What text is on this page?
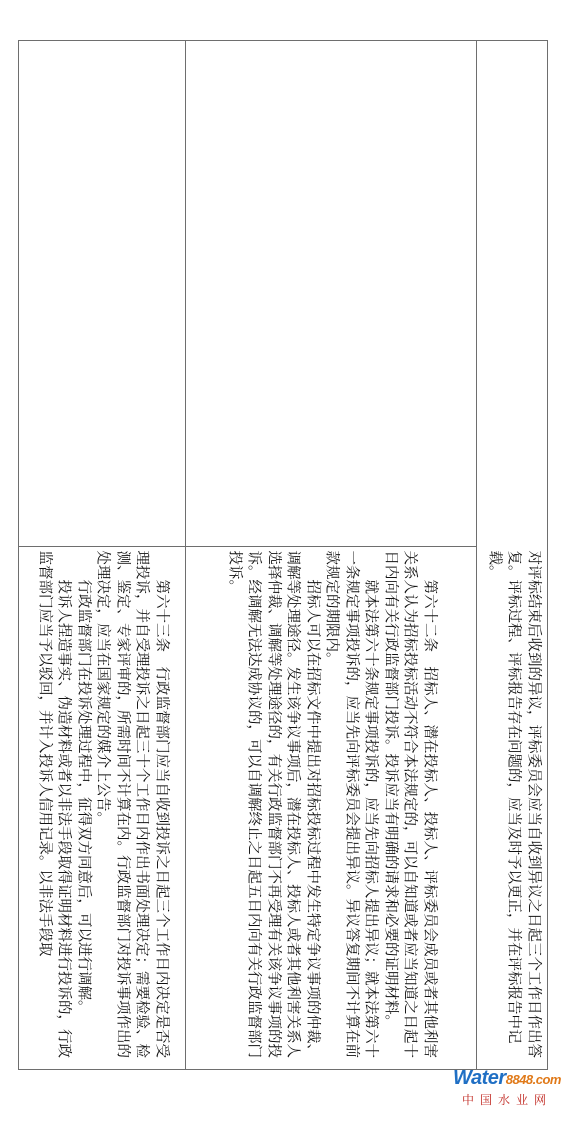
对评标结束后收到的异议，评标委员会应当自收到异议之日起三个工作日作出答复。评标过程、评标报告存在问题的，应当及时予以更正，并在评标报告中记载。

第六十二条　招标人、潜在投标人、投标人、评标委员会成员或者其他利害关系人认为招标投标活动不符合本法规定的，可以自知道或者应当知道之日起十日内向有关行政监督部门投诉。投诉应当有明确的请求和必要的证明材料。

就本法第六十条规定事项投诉的，应当先向招标人提出异议；就本法第六十一条规定事项投诉的，应当先向评标委员会提出异议。异议答复期间不计算在前款规定的期限内。

招标人可以在招标文件中提出对招标投标过程中发生特定争议事项的仲裁、调解等处理途径。发生该争议事项后，潜在投标人、投标人或者其他利害关系人选择仲裁、调解等处理途径的，有关行政监督部门不再受理有关该争议事项的投诉。经调解无法达成协议的，可以自调解终止之日起五日内向有关行政监督部门投诉。

第六十三条　行政监督部门应当自收到投诉之日起三个工作日内决定是否受理投诉，并自受理投诉之日起三十个工作日内作出书面处理决定；需要检验、检测、鉴定、专家评审的，所需时间不计算在内。行政监督部门对投诉事项作出的处理决定，应当在国家规定的媒介上公告。

行政监督部门在投诉处理过程中，征得双方同意后，可以进行调解。

投诉人捏造事实、伪造材料或者以非法手段取得证明材料进行投诉的，行政监督部门应当予以驳回，并计入投诉人信用记录。以非法手段取

Water8848.com
中国水业网
